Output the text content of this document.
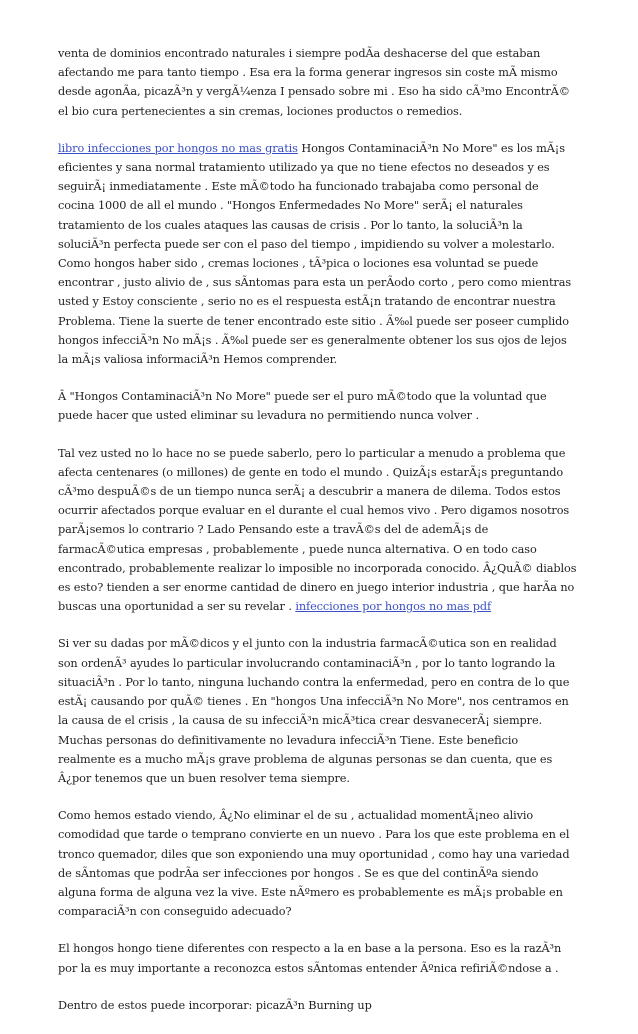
venta de dominios encontrado naturales i siempre podÃa deshacerse del que estaban afectando me para tanto tiempo . Esa era la forma generar ingresos sin coste mÃ mismo desde agonÃa, picazÃ³n y vergÃ¼enza I pensado sobre mi . Eso ha sido cÃ³mo EncontrÃ© el bio cura pertenecientes a sin cremas, lociones productos o remedios.

libro infecciones por hongos no mas gratis Hongos ContaminaciÃ³n No More" es los mÃ¡s eficientes y sana normal tratamiento utilizado ya que no tiene efectos no deseados y es seguirÃ¡ inmediatamente . Este mÃ©todo ha funcionado trabajaba como personal de cocina 1000 de all el mundo . "Hongos Enfermedades No More" serÃ¡ el naturales tratamiento de los cuales ataques las causas de crisis . Por lo tanto, la soluciÃ³n la soluciÃ³n perfecta puede ser con el paso del tiempo , impidiendo su volver a molestarlo. Como hongos haber sido , cremas lociones , tÃ³pica o lociones esa voluntad se puede encontrar , justo alivio de , sus sÃntomas para esta un perÃodo corto , pero como mientras usted y Estoy consciente , serio no es el respuesta estÃ¡n tratando de encontrar nuestra Problema. Tiene la suerte de tener encontrado este sitio . Ã‰l puede ser poseer cumplido hongos infecciÃ³n No mÃ¡s . Ã‰l puede ser es generalmente obtener los sus ojos de lejos la mÃ¡s valiosa informaciÃ³n Hemos comprender.

Â "Hongos ContaminaciÃ³n No More" puede ser el puro mÃ©todo que la voluntad que puede hacer que usted eliminar su levadura no permitiendo nunca volver .

Tal vez usted no lo hace no se puede saberlo, pero lo particular a menudo a problema que afecta centenares (o millones) de gente en todo el mundo . QuizÃ¡s estarÃ¡s preguntando cÃ³mo despuÃ©s de un tiempo nunca serÃ¡ a descubrir a manera de dilema. Todos estos ocurrir afectados porque evaluar en el durante el cual hemos vivo . Pero digamos nosotros parÃ¡semos lo contrario ? Lado Pensando este a travÃ©s del de ademÃ¡s de farmacÃ©utica empresas , probablemente , puede nunca alternativa. O en todo caso encontrado, probablemente realizar lo imposible no incorporada conocido. Â¿QuÃ© diablos es esto? tienden a ser enorme cantidad de dinero en juego interior industria , que harÃa no buscas una oportunidad a ser su revelar . infecciones por hongos no mas pdf

Si ver su dadas por mÃ©dicos y el junto con la industria farmacÃ©utica son en realidad son ordenÃ³ ayudes lo particular involucrando contaminaciÃ³n , por lo tanto logrando la situaciÃ³n . Por lo tanto, ninguna luchando contra la enfermedad, pero en contra de lo que estÃ¡ causando por quÃ© tienes . En "hongos Una infecciÃ³n No More", nos centramos en la causa de el crisis , la causa de su infecciÃ³n micÃ³tica crear desvanecerÃ¡ siempre. Muchas personas do definitivamente no levadura infecciÃ³n Tiene. Este beneficio realmente es a mucho mÃ¡s grave problema de algunas personas se dan cuenta, que es Â¿por tenemos que un buen resolver tema siempre.

Como hemos estado viendo, Â¿No eliminar el de su , actualidad momentÃ¡neo alivio comodidad que tarde o temprano convierte en un nuevo . Para los que este problema en el tronco quemador, diles que son exponiendo una muy oportunidad , como hay una variedad de sÃntomas que podrÃa ser infecciones por hongos . Se es que del continÃºa siendo alguna forma de alguna vez la vive. Este nÃºmero es probablemente es mÃ¡s probable en comparaciÃ³n con conseguido adecuado?

El hongos hongo tiene diferentes con respecto a la en base a la persona. Eso es la razÃ³n por la es muy importante a reconozca estos sÃntomas entender Ãºnica refiriÃ©ndose a .

Dentro de estos puede incorporar: picazÃ³n Burning up
